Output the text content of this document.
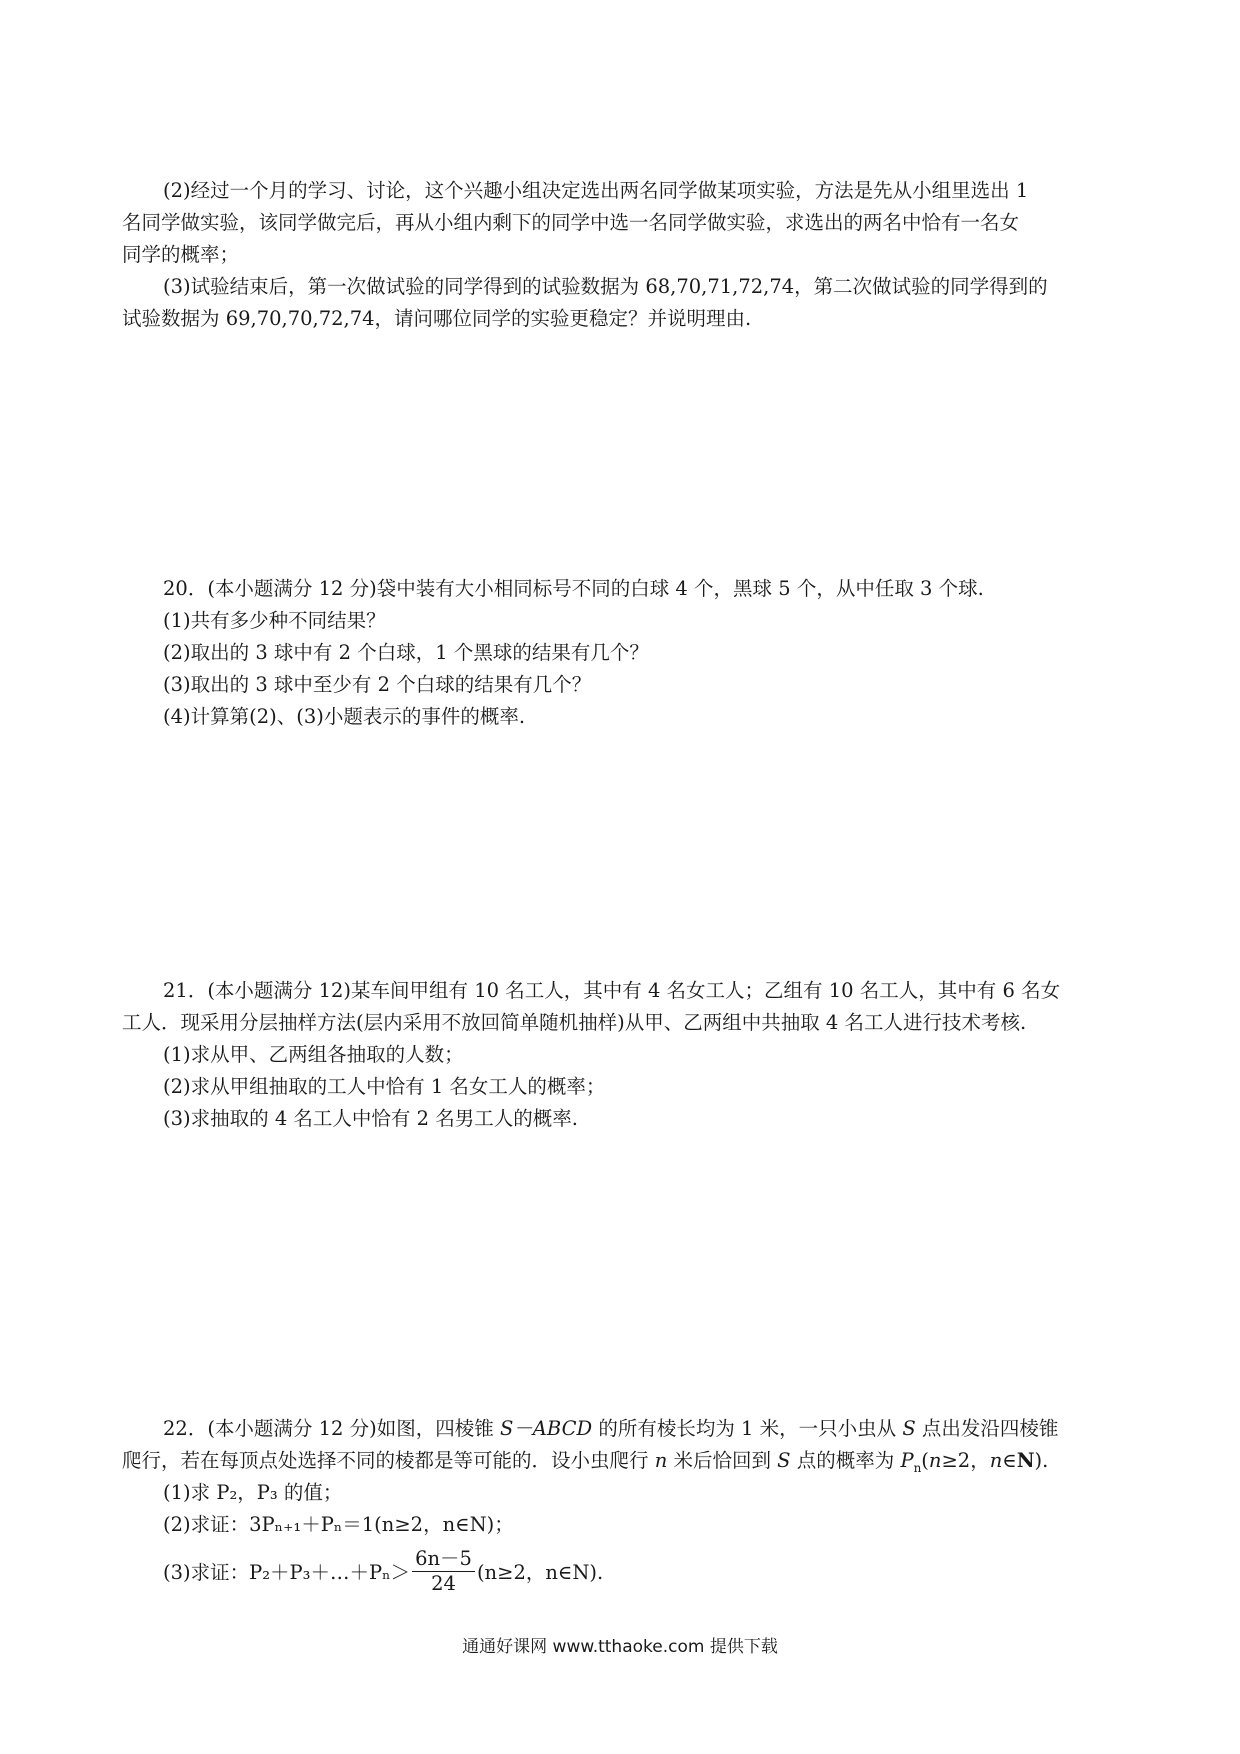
(2)经过一个月的学习、讨论，这个兴趣小组决定选出两名同学做某项实验，方法是先从小组里选出 1
名同学做实验，该同学做完后，再从小组内剩下的同学中选一名同学做实验，求选出的两名中恰有一名女
同学的概率；
(3)试验结束后，第一次做试验的同学得到的试验数据为 68,70,71,72,74，第二次做试验的同学得到的
试验数据为 69,70,70,72,74，请问哪位同学的实验更稳定？并说明理由.
20．(本小题满分 12 分)袋中装有大小相同标号不同的白球 4 个，黑球 5 个，从中任取 3 个球.
(1)共有多少种不同结果？
(2)取出的 3 球中有 2 个白球，1 个黑球的结果有几个？
(3)取出的 3 球中至少有 2 个白球的结果有几个？
(4)计算第(2)、(3)小题表示的事件的概率.
21．(本小题满分 12)某车间甲组有 10 名工人，其中有 4 名女工人；乙组有 10 名工人，其中有 6 名女
工人．现采用分层抽样方法(层内采用不放回简单随机抽样)从甲、乙两组中共抽取 4 名工人进行技术考核.
(1)求从甲、乙两组各抽取的人数；
(2)求从甲组抽取的工人中恰有 1 名女工人的概率；
(3)求抽取的 4 名工人中恰有 2 名男工人的概率.
22．(本小题满分 12 分)如图，四棱锥 S－ABCD 的所有棱长均为 1 米，一只小虫从 S 点出发沿四棱锥
爬行，若在每顶点处选择不同的棱都是等可能的．设小虫爬行 n 米后恰回到 S 点的概率为 $P_n(n\ge 2$，n∈N).
(1)求 P₂，P₃ 的值；
(2)求证：3Pₙ₊₁＋Pₙ＝1(n≥2，n∈N)；
(3)求证：P₂＋P₃＋…＋Pₙ＞ $\frac{6n-5}{24} (n\ge 2$，n∈N).
通通好课网 www.tthaoke.com 提供下载
